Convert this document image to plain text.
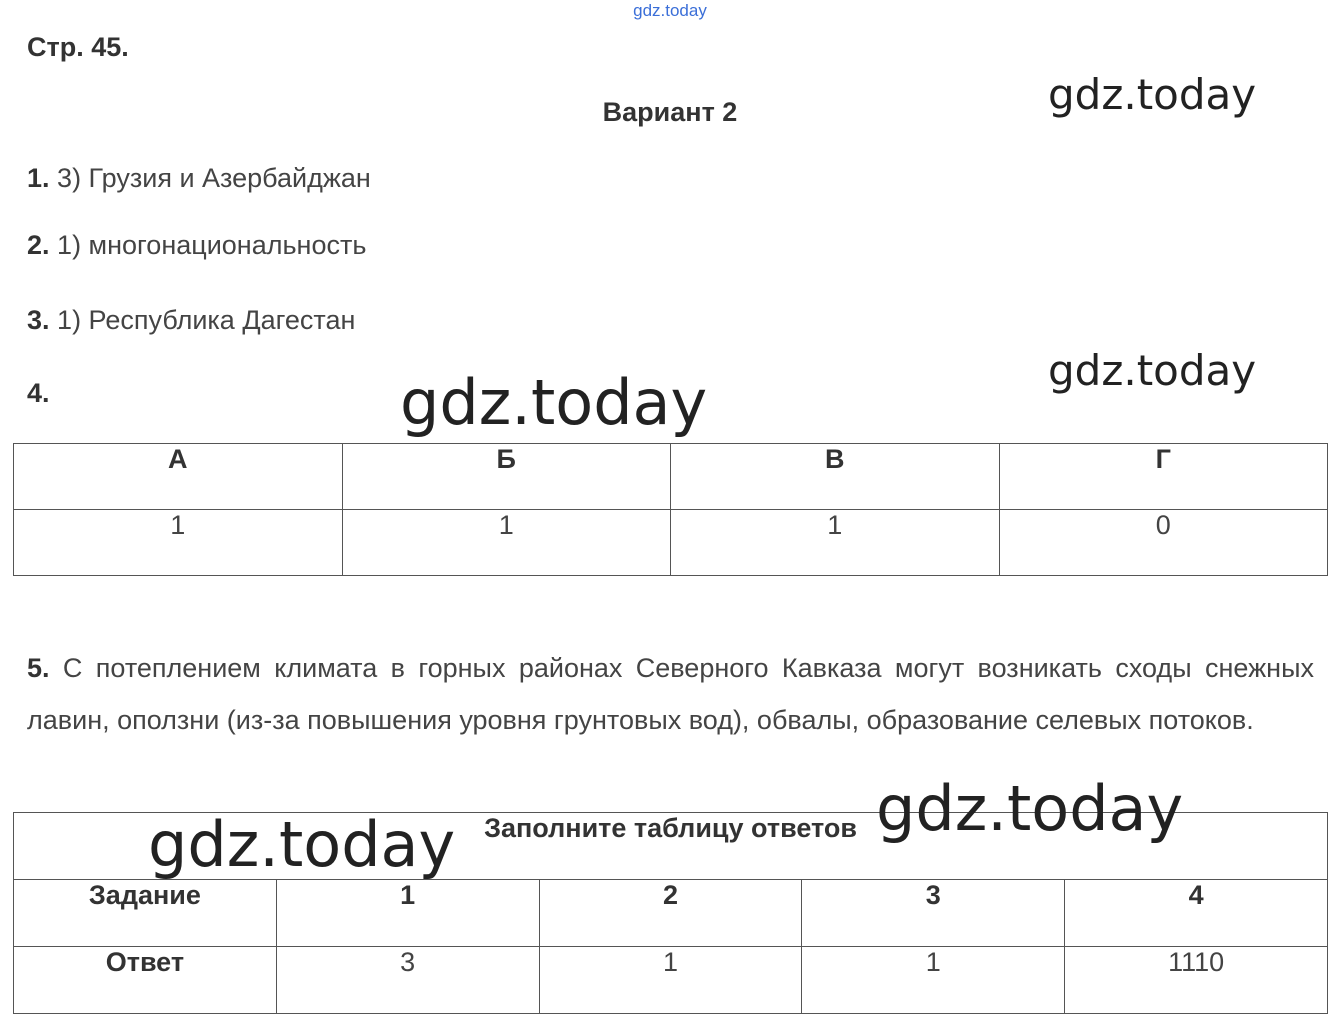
gdz.today
Стр. 45.
Вариант 2
1. 3) Грузия и Азербайджан
2. 1) многонациональность
3. 1) Республика Дагестан
4.
А	Б	В	Г
1	1	1	0
5. С потеплением климата в горных районах Северного Кавказа могут возникать сходы снежных лавин, оползни (из-за повышения уровня грунтовых вод), обвалы, образование селевых потоков.
Заполните таблицу ответов				
Задание	1	2	3	4
Ответ	3	1	1	1110
gdz.today
gdz.today
gdz.today
gdz.today
gdz.today
